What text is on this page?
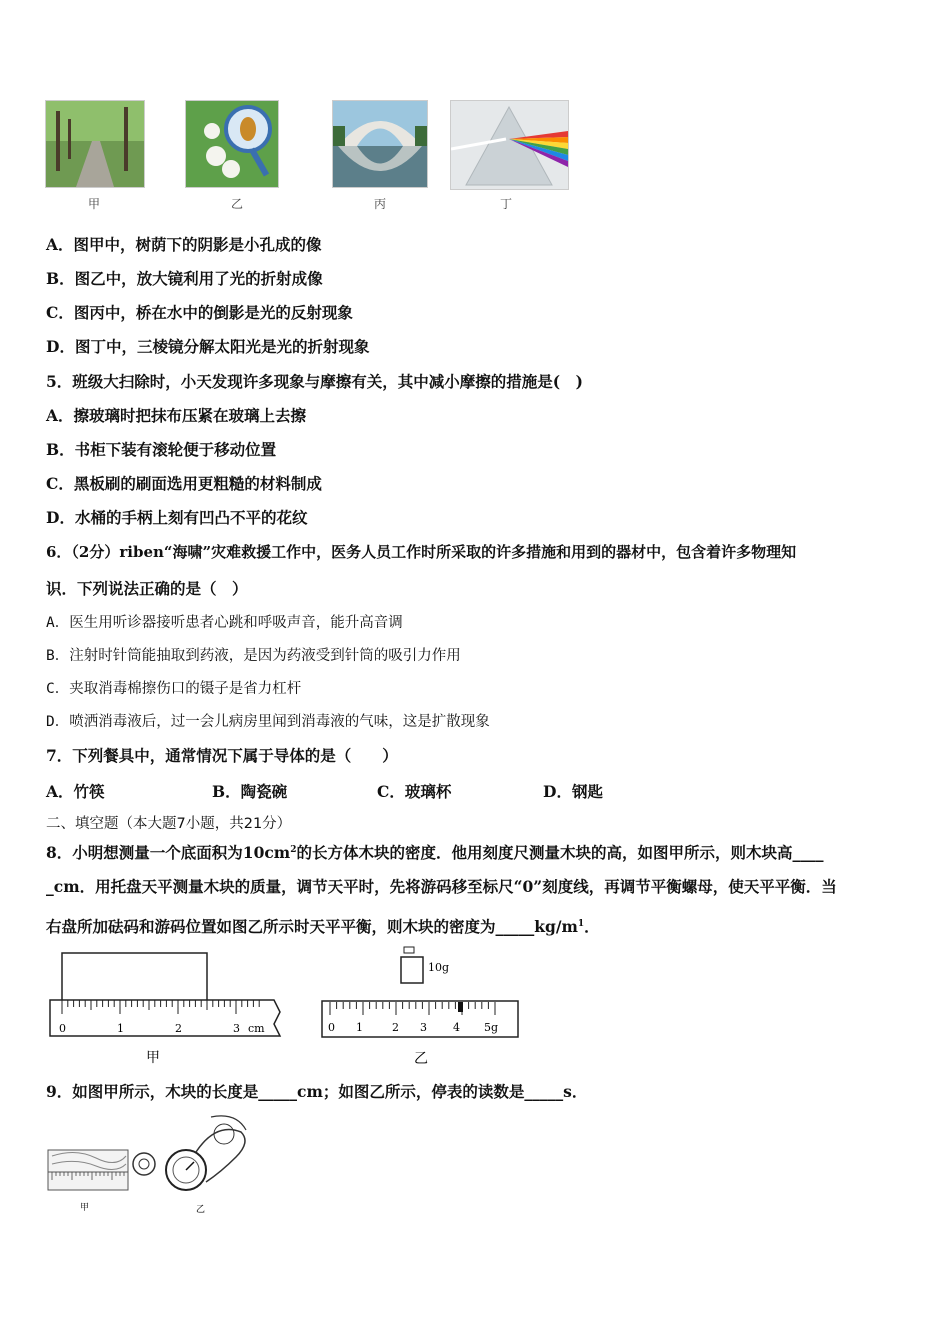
甲	乙	丙	丁
A．图甲中，树荫下的阴影是小孔成的像
B．图乙中，放大镜利用了光的折射成像
C．图丙中，桥在水中的倒影是光的反射现象
D．图丁中，三棱镜分解太阳光是光的折射现象
5．班级大扫除时，小天发现许多现象与摩擦有关，其中减小摩擦的措施是(　)
A．擦玻璃时把抹布压紧在玻璃上去擦
B．书柜下装有滚轮便于移动位置
C．黑板刷的刷面选用更粗糙的材料制成
D．水桶的手柄上刻有凹凸不平的花纹
6．（2分）riben“海啸”灾难救援工作中，医务人员工作时所采取的许多措施和用到的器材中，包含着许多物理知
识．下列说法正确的是（　）
A．医生用听诊器接听患者心跳和呼吸声音，能升高音调
B．注射时针筒能抽取到药液，是因为药液受到针筒的吸引力作用
C．夹取消毒棉擦伤口的镊子是省力杠杆
D．喷洒消毒液后，过一会儿病房里闻到消毒液的气味，这是扩散现象
7．下列餐具中，通常情况下属于导体的是（　　）
A．竹筷	B．陶瓷碗	C．玻璃杯	D．钢匙
二、填空题（本大题7小题，共21分）
8．小明想测量一个底面积为$10cm^2$的长方体木块的密度．他用刻度尺测量木块的高，如图甲所示，则木块高____
_cm．用托盘天平测量木块的质量，调节天平时，先将游码移至标尺“0”刻度线，再调节平衡螺母，使天平平衡．当
右盘所加砝码和游码位置如图乙所示时天平平衡，则木块的密度为$\_\_\_\_\_kg/m^1$．
0	1	2	3 cm
甲
10g
0 1	2 3 4 5g
乙
9．如图甲所示，木块的长度是_____cm；如图乙所示，停表的读数是_____s．
甲	乙
